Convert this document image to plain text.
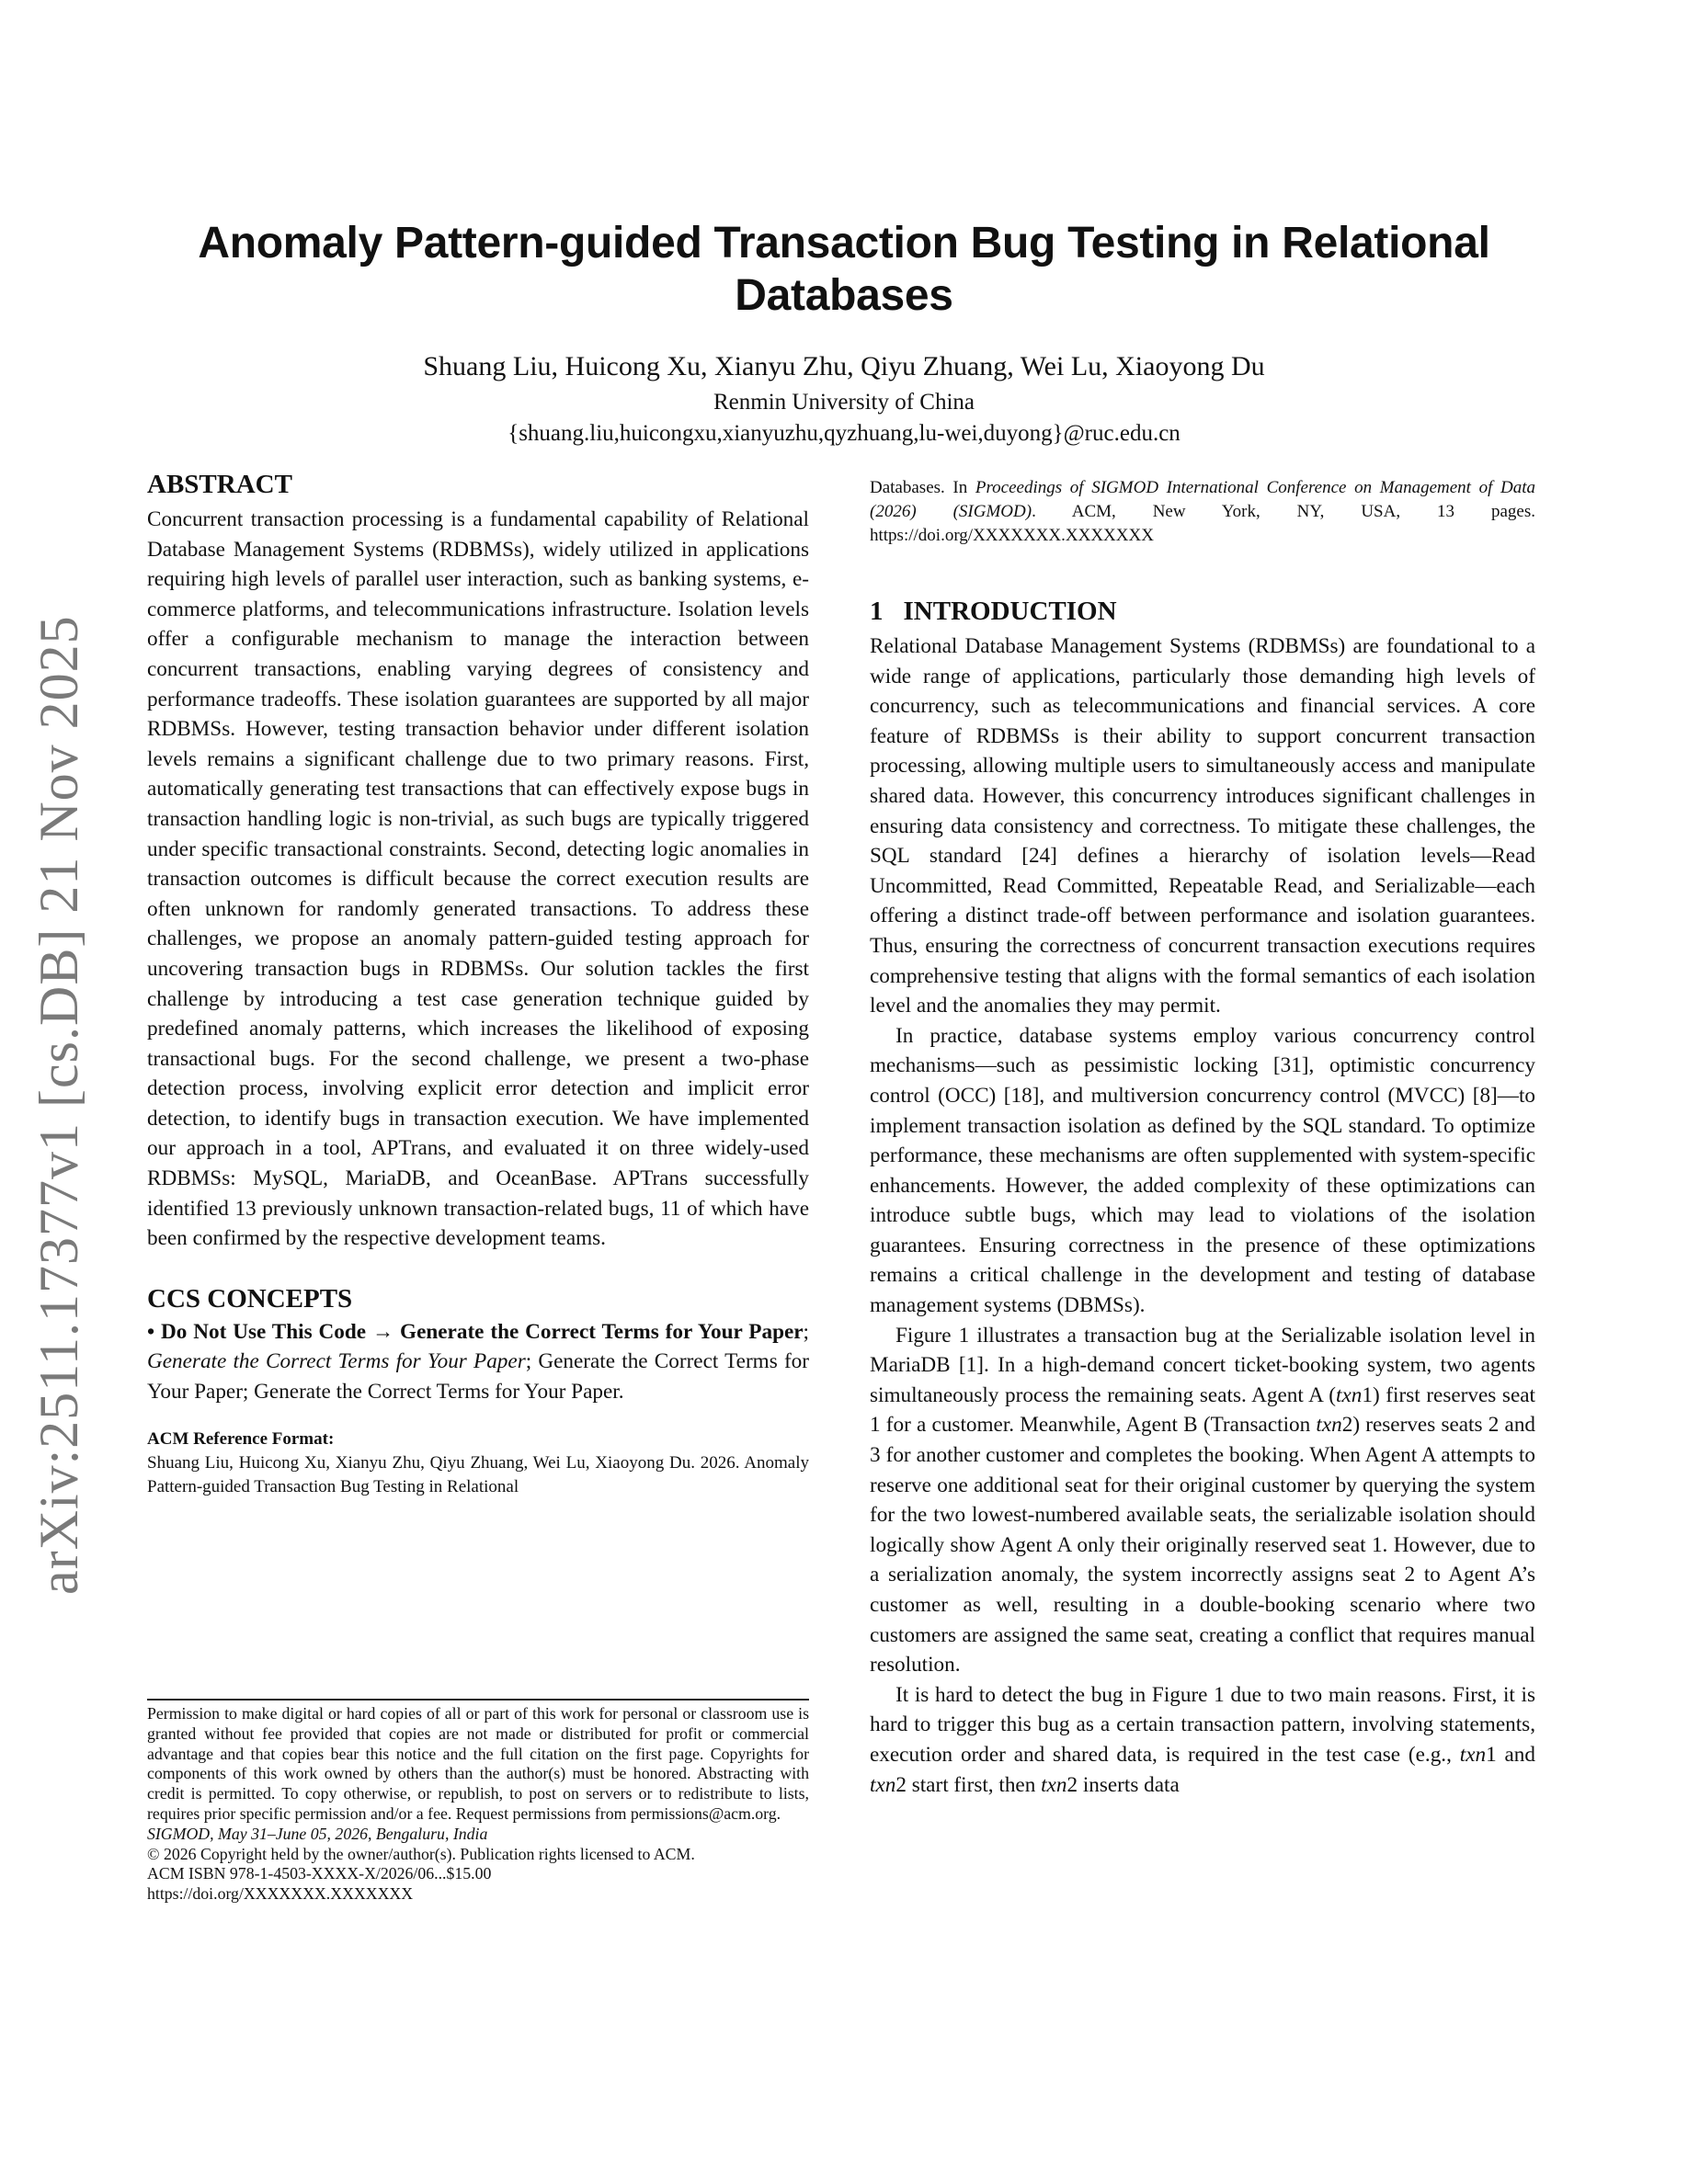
arXiv:2511.17377v1 [cs.DB] 21 Nov 2025
Anomaly Pattern-guided Transaction Bug Testing in Relational
Databases
Shuang Liu, Huicong Xu, Xianyu Zhu, Qiyu Zhuang, Wei Lu, Xiaoyong Du
Renmin University of China
{shuang.liu,huicongxu,xianyuzhu,qyzhuang,lu-wei,duyong}@ruc.edu.cn
ABSTRACT

Concurrent transaction processing is a fundamental capability of Relational Database Management Systems (RDBMSs), widely utilized in applications requiring high levels of parallel user interaction, such as banking systems, e-commerce platforms, and telecommunications infrastructure. Isolation levels offer a configurable mechanism to manage the interaction between concurrent transactions, enabling varying degrees of consistency and performance tradeoffs. These isolation guarantees are supported by all major RDBMSs. However, testing transaction behavior under different isolation levels remains a significant challenge due to two primary reasons. First, automatically generating test transactions that can effectively expose bugs in transaction handling logic is non-trivial, as such bugs are typically triggered under specific transactional constraints. Second, detecting logic anomalies in transaction outcomes is difficult because the correct execution results are often unknown for randomly generated transactions. To address these challenges, we propose an anomaly pattern-guided testing approach for uncovering transaction bugs in RDBMSs. Our solution tackles the first challenge by introducing a test case generation technique guided by predefined anomaly patterns, which increases the likelihood of exposing transactional bugs. For the second challenge, we present a two-phase detection process, involving explicit error detection and implicit error detection, to identify bugs in transaction execution. We have implemented our approach in a tool, APTrans, and evaluated it on three widely-used RDBMSs: MySQL, MariaDB, and OceanBase. APTrans successfully identified 13 previously unknown transaction-related bugs, 11 of which have been confirmed by the respective development teams.

CCS CONCEPTS

• Do Not Use This Code → Generate the Correct Terms for Your Paper; Generate the Correct Terms for Your Paper; Generate the Correct Terms for Your Paper; Generate the Correct Terms for Your Paper.

ACM Reference Format:

Shuang Liu, Huicong Xu, Xianyu Zhu, Qiyu Zhuang, Wei Lu, Xiaoyong Du. 2026. Anomaly Pattern-guided Transaction Bug Testing in Relational

Permission to make digital or hard copies of all or part of this work for personal or classroom use is granted without fee provided that copies are not made or distributed for profit or commercial advantage and that copies bear this notice and the full citation on the first page. Copyrights for components of this work owned by others than the author(s) must be honored. Abstracting with credit is permitted. To copy otherwise, or republish, to post on servers or to redistribute to lists, requires prior specific permission and/or a fee. Request permissions from permissions@acm.org.

SIGMOD, May 31–June 05, 2026, Bengaluru, India

© 2026 Copyright held by the owner/author(s). Publication rights licensed to ACM.

ACM ISBN 978-1-4503-XXXX-X/2026/06...$15.00

https://doi.org/XXXXXXX.XXXXXXX

Databases. In Proceedings of SIGMOD International Conference on Management of Data (2026) (SIGMOD). ACM, New York, NY, USA, 13 pages. https://doi.org/XXXXXXX.XXXXXXX

1 INTRODUCTION

Relational Database Management Systems (RDBMSs) are foundational to a wide range of applications, particularly those demanding high levels of concurrency, such as telecommunications and financial services. A core feature of RDBMSs is their ability to support concurrent transaction processing, allowing multiple users to simultaneously access and manipulate shared data. However, this concurrency introduces significant challenges in ensuring data consistency and correctness. To mitigate these challenges, the SQL standard [24] defines a hierarchy of isolation levels—Read Uncommitted, Read Committed, Repeatable Read, and Serializable—each offering a distinct trade-off between performance and isolation guarantees. Thus, ensuring the correctness of concurrent transaction executions requires comprehensive testing that aligns with the formal semantics of each isolation level and the anomalies they may permit.

In practice, database systems employ various concurrency control mechanisms—such as pessimistic locking [31], optimistic concurrency control (OCC) [18], and multiversion concurrency control (MVCC) [8]—to implement transaction isolation as defined by the SQL standard. To optimize performance, these mechanisms are often supplemented with system-specific enhancements. However, the added complexity of these optimizations can introduce subtle bugs, which may lead to violations of the isolation guarantees. Ensuring correctness in the presence of these optimizations remains a critical challenge in the development and testing of database management systems (DBMSs).

Figure 1 illustrates a transaction bug at the Serializable isolation level in MariaDB [1]. In a high-demand concert ticket-booking system, two agents simultaneously process the remaining seats. Agent A (txn1) first reserves seat 1 for a customer. Meanwhile, Agent B (Transaction txn2) reserves seats 2 and 3 for another customer and completes the booking. When Agent A attempts to reserve one additional seat for their original customer by querying the system for the two lowest-numbered available seats, the serializable isolation should logically show Agent A only their originally reserved seat 1. However, due to a serialization anomaly, the system incorrectly assigns seat 2 to Agent A’s customer as well, resulting in a double-booking scenario where two customers are assigned the same seat, creating a conflict that requires manual resolution.

It is hard to detect the bug in Figure 1 due to two main reasons. First, it is hard to trigger this bug as a certain transaction pattern, involving statements, execution order and shared data, is required in the test case (e.g., txn1 and txn2 start first, then txn2 inserts data
